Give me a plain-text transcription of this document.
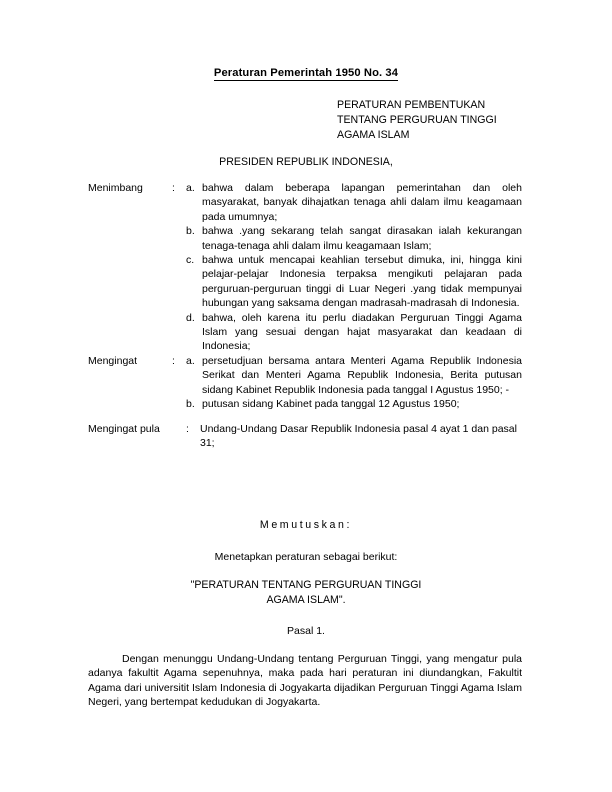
Peraturan Pemerintah 1950 No. 34
PERATURAN PEMBENTUKAN
TENTANG PERGURUAN TINGGI
AGAMA ISLAM
PRESIDEN REPUBLIK INDONESIA,
Menimbang	:	a. bahwa dalam beberapa lapangan pemerintahan dan oleh masyarakat, banyak dihajatkan tenaga ahli dalam ilmu keagamaan pada umumnya;
b. bahwa .yang sekarang telah sangat dirasakan ialah kekurangan tenaga-tenaga ahli dalam ilmu keagamaan Islam;
c. bahwa untuk mencapai keahlian tersebut dimuka, ini, hingga kini pelajar-pelajar Indonesia terpaksa mengikuti pelajaran pada perguruan-perguruan tinggi di Luar Negeri .yang tidak mempunyai hubungan yang saksama dengan madrasah-madrasah di Indonesia.
d. bahwa, oleh karena itu perlu diadakan Perguruan Tinggi Agama Islam yang sesuai dengan hajat masyarakat dan keadaan di Indonesia;
Mengingat	:	a. persetudjuan bersama antara Menteri Agama Republik Indonesia Serikat dan Menteri Agama Republik Indonesia, Berita putusan sidang Kabinet Republik Indonesia pada tanggal I Agustus 1950; -
b. putusan sidang Kabinet pada tanggal 12 Agustus 1950;
Mengingat pula	:	Undang-Undang Dasar Republik Indonesia pasal 4 ayat 1 dan pasal 31;
Memutuskan:
Menetapkan peraturan sebagai berikut:
"PERATURAN TENTANG PERGURUAN TINGGI
AGAMA ISLAM".
Pasal 1.
Dengan menunggu Undang-Undang tentang Perguruan Tinggi, yang mengatur pula adanya fakultit Agama sepenuhnya, maka pada hari peraturan ini diundangkan, Fakultit Agama dari universitit Islam Indonesia di Jogyakarta dijadikan Perguruan Tinggi Agama Islam Negeri, yang bertempat kedudukan di Jogyakarta.
